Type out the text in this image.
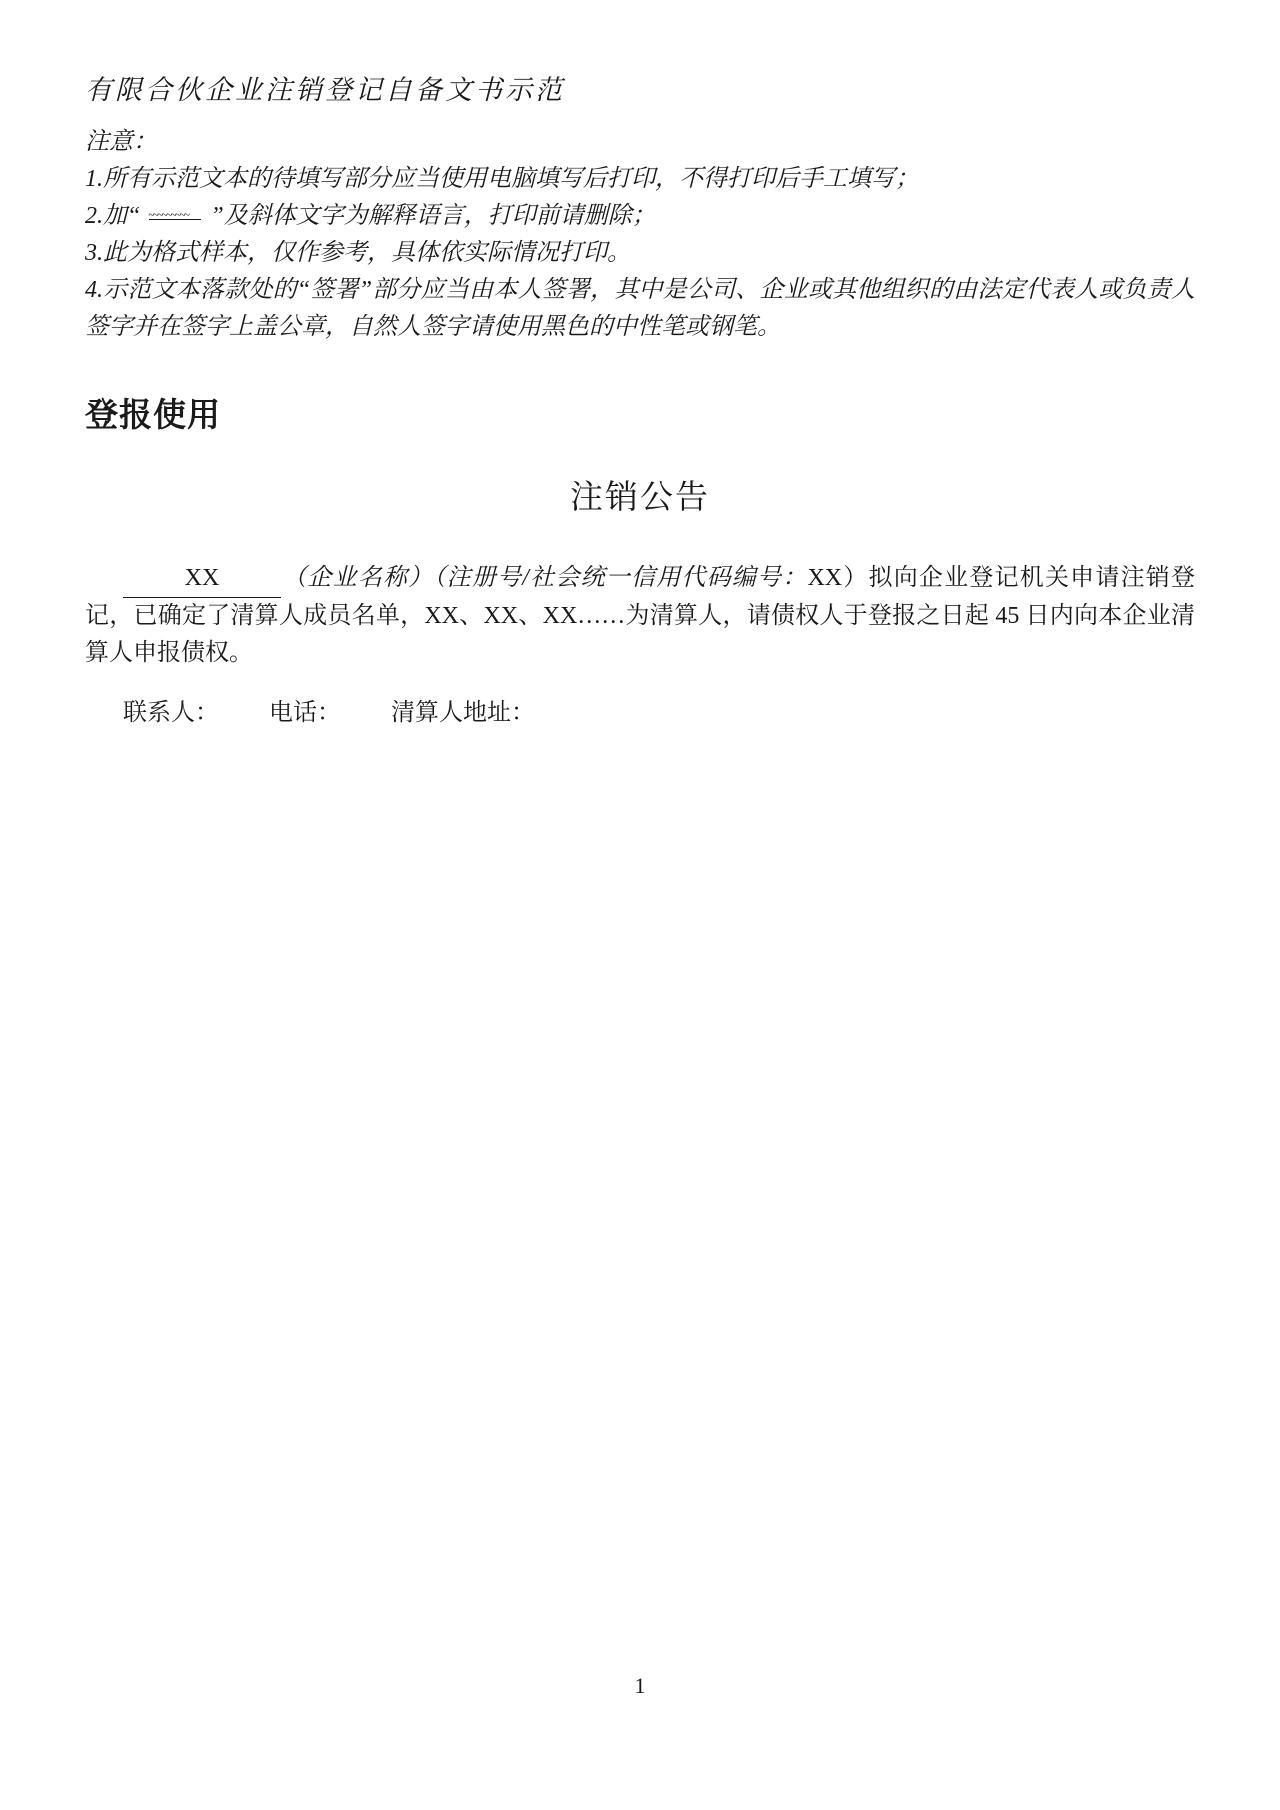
有限合伙企业注销登记自备文书示范

注意：

1.所有示范文本的待填写部分应当使用电脑填写后打印，不得打印后手工填写；

2.加“ ~~~~~	”及斜体文字为解释语言，打印前请删除；

3.此为格式样本，仅作参考，具体依实际情况打印。

4.示范文本落款处的“签署”部分应当由本人签署，其中是公司、企业或其他组织的由法定代表人或负责人签字并在签字上盖公章，自然人签字请使用黑色的中性笔或钢笔。

登报使用
注销公告

XX	（企业名称）（注册号/社会统一信用代码编号：XX）拟向企业登记机关申请注销登记，已确定了清算人成员名单，XX、XX、XX……为清算人，请债权人于登报之日起 45 日内向本企业清算人申报债权。

联系人： 电话： 清算人地址：

1
